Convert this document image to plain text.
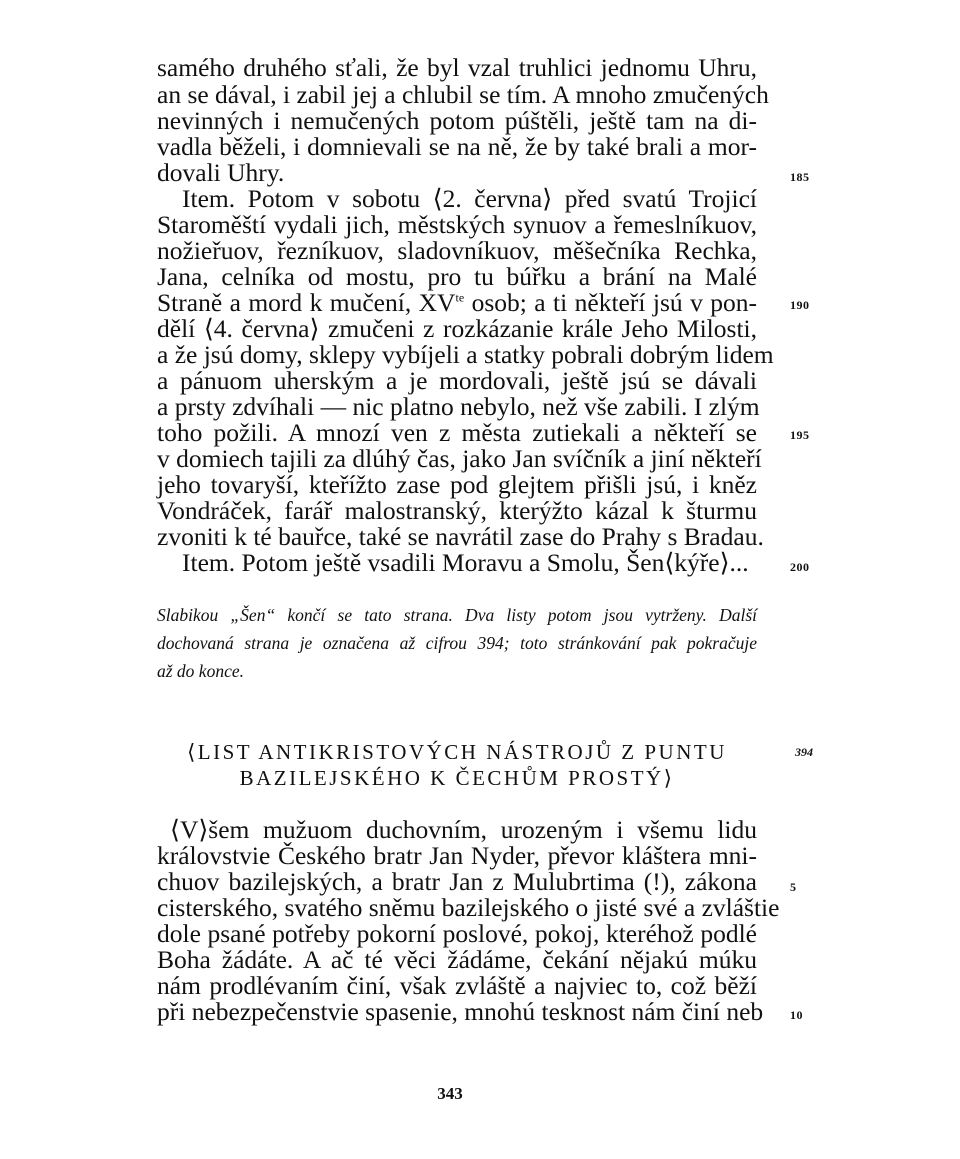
samého druhého sťali, že byl vzal truhlici jednomu Uhru,
an se dával, i zabil jej a chlubil se tím. A mnoho zmučených
nevinných i nemučených potom púštěli, ještě tam na di-
vadla běželi, i domnievali se na ně, že by také brali a mor-
dovali Uhry.	185
Item. Potom v sobotu ⟨2. června⟩ před svatú Trojicí
Staroměští vydali jich, městských synuov a řemeslníkuov,
nožieřuov, řezníkuov, sladovníkuov, měšečníka Rechka,
Jana, celníka od mostu, pro tu búřku a brání na Malé
Straně a mord k mučení, $XV^{te}$ osob; a ti někteří jsú v pon-	190
dělí ⟨4. června⟩ zmučeni z rozkázanie krále Jeho Milosti,
a že jsú domy, sklepy vybíjeli a statky pobrali dobrým lidem
a pánuom uherským a je mordovali, ještě jsú se dávali
a prsty zdvíhali — nic platno nebylo, než vše zabili. I zlým
toho požili. A mnozí ven z města zutiekali a někteří se	195
v domiech tajili za dlúhý čas, jako Jan svíčník a jiní někteří
jeho tovaryší, kteřížto zase pod glejtem přišli jsú, i kněz
Vondráček, farář malostranský, kterýžto kázal k šturmu
zvoniti k té bauřce, také se navrátil zase do Prahy s Bradau.
Item. Potom ještě vsadili Moravu a Smolu, Šen⟨kýře⟩...	200
Slabikou „Šen“ končí se tato strana. Dva listy potom jsou vytrženy. Další
dochovaná strana je označena až cifrou 394; toto stránkování pak pokračuje
až do konce.
⟨LIST ANTIKRISTOVÝCH NÁSTROJŮ Z PUNTU
BAZILEJSKÉHO K ČECHŮM PROSTÝ⟩
394
⟨V⟩šem mužuom duchovním, urozeným i všemu lidu
královstvie Českého bratr Jan Nyder, převor kláštera mni-
chuov bazilejských, a bratr Jan z Mulubrtima (!), zákona	5
cisterského, svatého sněmu bazilejského o jisté své a zvláštie
dole psané potřeby pokorní poslové, pokoj, kteréhož podlé
Boha žádáte. A ač té věci žádáme, čekání nějakú múku
nám prodlévaním činí, však zvláště a najviec to, což běží
při nebezpečenstvie spasenie, mnohú tesknost nám činí neb 10
343
